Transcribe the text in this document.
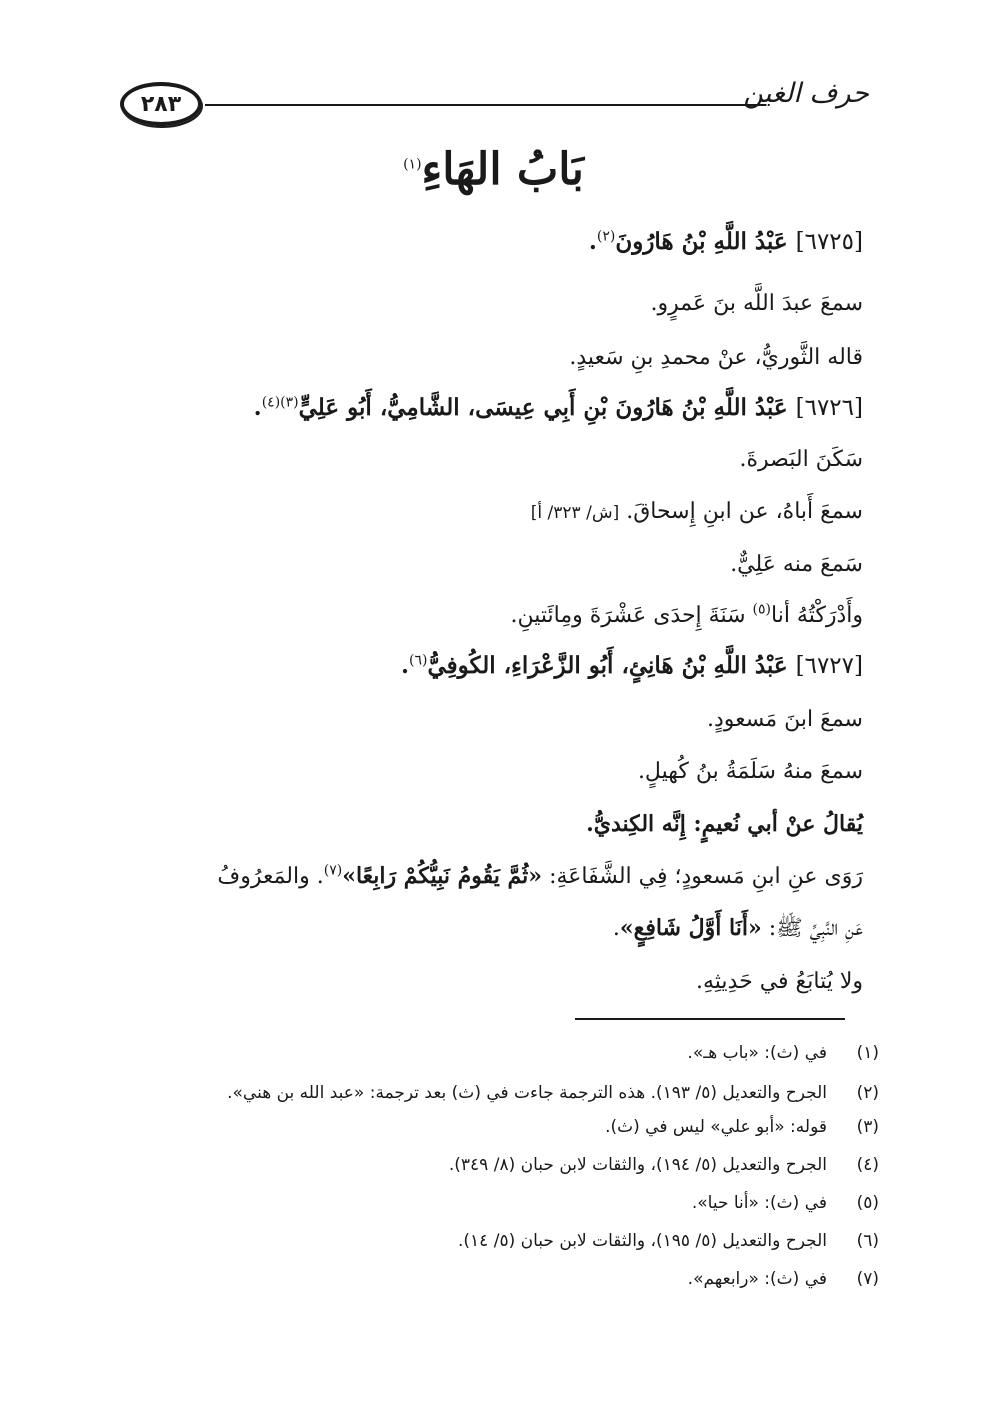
حرف الغين
٢٨٣
بَابُ الهَاءِ$^{(١)}$
[٦٧٢٥] عَبْدُ اللَّهِ بْنُ هَارُونَ$^{(٢)}$.
سمعَ عبدَ اللَّه بنَ عَمرٍو.
قاله الثَّوريُّ، عنْ محمدِ بنِ سَعيدٍ.
[٦٧٢٦] عَبْدُ اللَّهِ بْنُ هَارُونَ بْنِ أَبِي عِيسَى، الشَّامِيُّ، أَبُو عَلِيٍّ$^{(٣)(٤)}$.
سَكَنَ البَصرةَ.
سمعَ أَباهُ، عن ابنِ إِسحاقَ. [ش/ ٣٢٣/ أ]
سَمعَ منه عَلِيٌّ.
وأَدْرَكْتُهُ أنا$^{(٥)}$ سَنَةَ إِحدَى عَشْرَةَ ومِائَتينِ.
[٦٧٢٧] عَبْدُ اللَّهِ بْنُ هَانِئٍ، أَبُو الزَّعْرَاءِ، الكُوفِيُّ$^{(٦)}$.
سمعَ ابنَ مَسعودٍ.
سمعَ منهُ سَلَمَةُ بنُ كُهيلٍ.
يُقالُ عنْ أبي نُعيمٍ: إِنَّه الكِنديُّ.
رَوَى عنِ ابنِ مَسعودٍ؛ فِي الشَّفَاعَةِ: «ثُمَّ يَقُومُ نَبِيُّكُمْ رَابِعًا»$^{(٧)}$. والمَعرُوفُ
عَنِ النَّبِيِّ ﷺ: «أَنَا أَوَّلُ شَافِعٍ».
ولا يُتابَعُ في حَدِيثِهِ.
(١)في (ث): «باب هـ».
(٢)الجرح والتعديل (٥/ ١٩٣). هذه الترجمة جاءت في (ث) بعد ترجمة: «عبد الله بن هني».
(٣)قوله: «أبو علي» ليس في (ث).
(٤)الجرح والتعديل (٥/ ١٩٤)، والثقات لابن حبان (٨/ ٣٤٩).
(٥)في (ث): «أنا حيا».
(٦)الجرح والتعديل (٥/ ١٩٥)، والثقات لابن حبان (٥/ ١٤).
(٧)في (ث): «رابعهم».
